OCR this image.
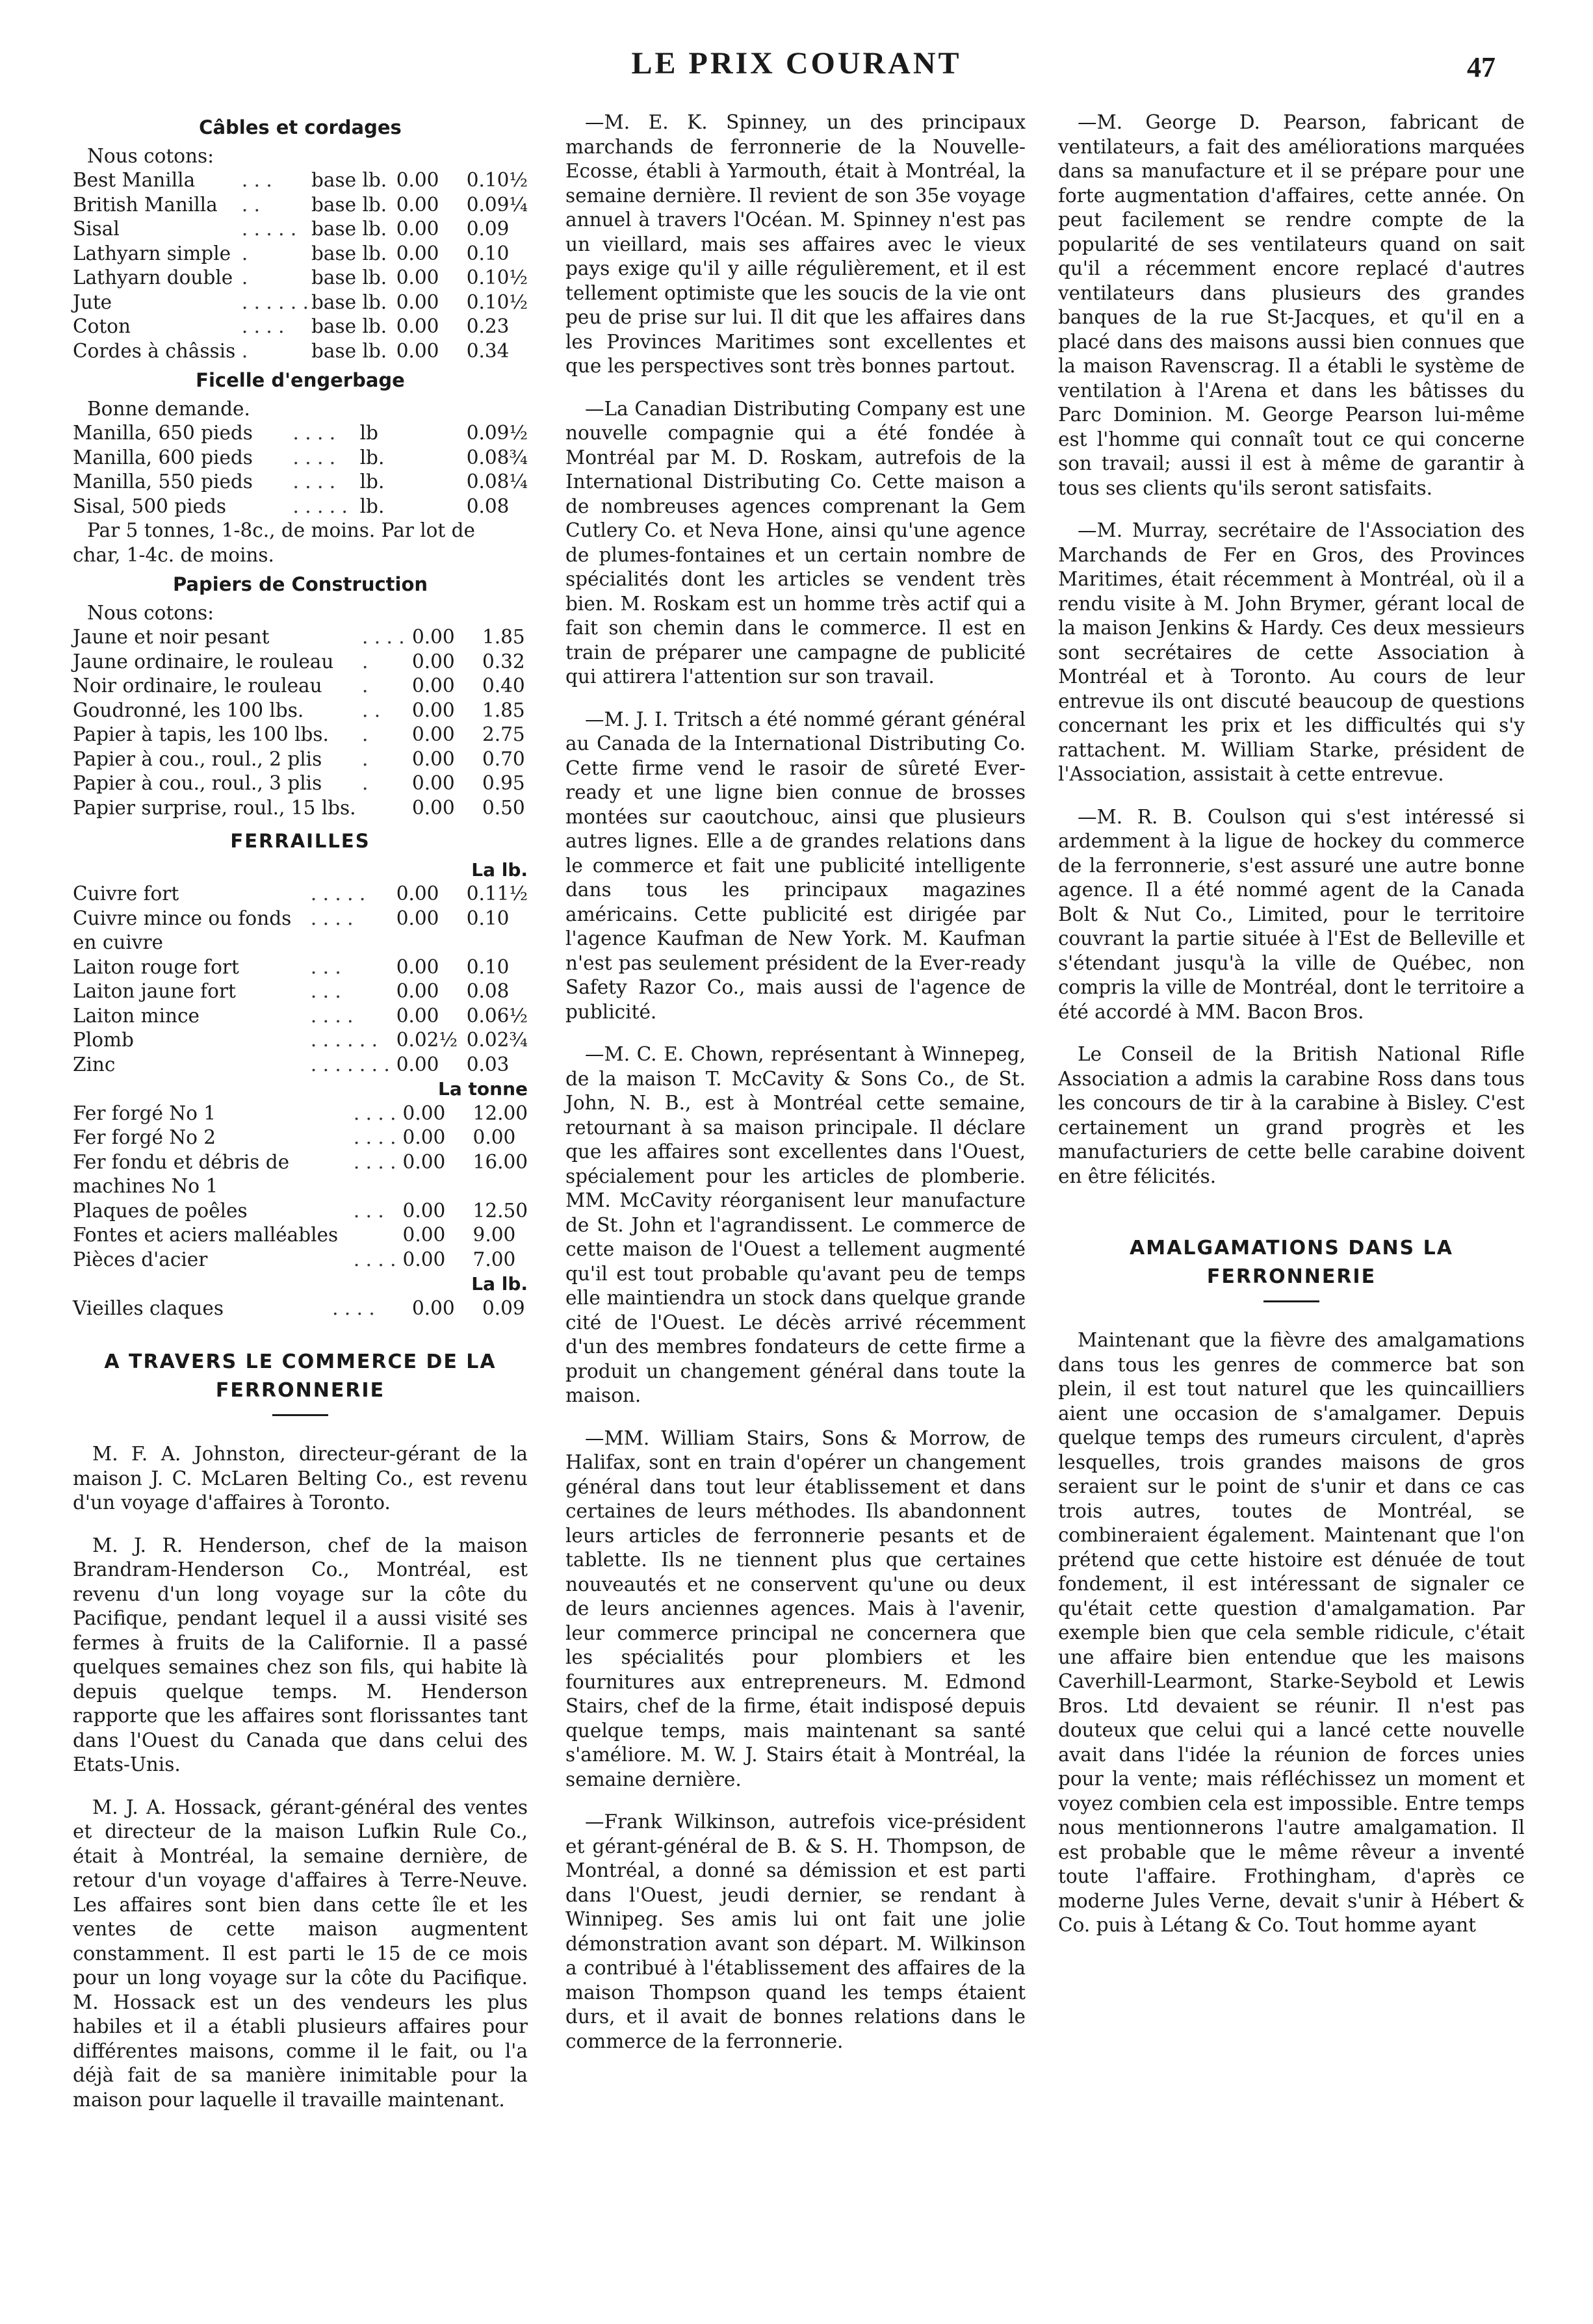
LE PRIX COURANT	47
Câbles et cordages

Nous cotons:

Best Manilla	. . .	base lb.	0.00	0.10½
British Manilla	. .	base lb.	0.00	0.09¼
Sisal	. . . . .	base lb.	0.00	0.09
Lathyarn simple	.	base lb.	0.00	0.10
Lathyarn double	.	base lb.	0.00	0.10½
Jute	. . . . . .	base lb.	0.00	0.10½
Coton	. . . .	base lb.	0.00	0.23
Cordes à châssis	.	base lb.	0.00	0.34
Ficelle d'engerbage

Bonne demande.

Manilla, 650 pieds	. . . .	lb		0.09½
Manilla, 600 pieds	. . . .	lb.		0.08¾
Manilla, 550 pieds	. . . .	lb.		0.08¼
Sisal, 500 pieds	. . . . .	lb.		0.08

Par 5 tonnes, 1-8c., de moins. Par lot de char, 1-4c. de moins.

Papiers de Construction

Nous cotons:

Jaune et noir pesant	. . . .		0.00	1.85
Jaune ordinaire, le rouleau	.		0.00	0.32
Noir ordinaire, le rouleau	.		0.00	0.40
Goudronné, les 100 lbs.	. .		0.00	1.85
Papier à tapis, les 100 lbs.	.		0.00	2.75
Papier à cou., roul., 2 plis	.		0.00	0.70
Papier à cou., roul., 3 plis	.		0.00	0.95
Papier surprise, roul., 15 lbs.			0.00	0.50
FERRAILLES
La lb.
Cuivre fort	. . . . .		0.00	0.11½
Cuivre mince ou fonds en cuivre	. . . .		0.00	0.10
Laiton rouge fort	. . .		0.00	0.10
Laiton jaune fort	. . .		0.00	0.08
Laiton mince	. . . .		0.00	0.06½
Plomb	. . . . . .		0.02½	0.02¾
Zinc	. . . . . . .		0.00	0.03
La tonne
Fer forgé No 1	. . . .		0.00	12.00
Fer forgé No 2	. . . .		0.00	0.00
Fer fondu et débris de machines No 1	. . . .		0.00	16.00
Plaques de poêles	. . .		0.00	12.50
Fontes et aciers malléables			0.00	9.00
Pièces d'acier	. . . .		0.00	7.00
La lb.
Vieilles claques	. . . .		0.00	0.09
A TRAVERS LE COMMERCE DE LA FERRONNERIE

M. F. A. Johnston, directeur-gérant de la maison J. C. McLaren Belting Co., est revenu d'un voyage d'affaires à Toronto.

M. J. R. Henderson, chef de la maison Brandram-Henderson Co., Montréal, est revenu d'un long voyage sur la côte du Pacifique, pendant lequel il a aussi visité ses fermes à fruits de la Californie. Il a passé quelques semaines chez son fils, qui habite là depuis quelque temps. M. Henderson rapporte que les affaires sont florissantes tant dans l'Ouest du Canada que dans celui des Etats-Unis.

M. J. A. Hossack, gérant-général des ventes et directeur de la maison Lufkin Rule Co., était à Montréal, la semaine dernière, de retour d'un voyage d'affaires à Terre-Neuve. Les affaires sont bien dans cette île et les ventes de cette maison augmentent constamment. Il est parti le 15 de ce mois pour un long voyage sur la côte du Pacifique. M. Hossack est un des vendeurs les plus habiles et il a établi plusieurs affaires pour différentes maisons, comme il le fait, ou l'a déjà fait de sa manière inimitable pour la maison pour laquelle il travaille maintenant.

—M. E. K. Spinney, un des principaux marchands de ferronnerie de la Nouvelle-Ecosse, établi à Yarmouth, était à Montréal, la semaine dernière. Il revient de son 35e voyage annuel à travers l'Océan. M. Spinney n'est pas un vieillard, mais ses affaires avec le vieux pays exige qu'il y aille régulièrement, et il est tellement optimiste que les soucis de la vie ont peu de prise sur lui. Il dit que les affaires dans les Provinces Maritimes sont excellentes et que les perspectives sont très bonnes partout.

—La Canadian Distributing Company est une nouvelle compagnie qui a été fondée à Montréal par M. D. Roskam, autrefois de la International Distributing Co. Cette maison a de nombreuses agences comprenant la Gem Cutlery Co. et Neva Hone, ainsi qu'une agence de plumes-fontaines et un certain nombre de spécialités dont les articles se vendent très bien. M. Roskam est un homme très actif qui a fait son chemin dans le commerce. Il est en train de préparer une campagne de publicité qui attirera l'attention sur son travail.

—M. J. I. Tritsch a été nommé gérant général au Canada de la International Distributing Co. Cette firme vend le rasoir de sûreté Ever-ready et une ligne bien connue de brosses montées sur caoutchouc, ainsi que plusieurs autres lignes. Elle a de grandes relations dans le commerce et fait une publicité intelligente dans tous les principaux magazines américains. Cette publicité est dirigée par l'agence Kaufman de New York. M. Kaufman n'est pas seulement président de la Ever-ready Safety Razor Co., mais aussi de l'agence de publicité.

—M. C. E. Chown, représentant à Winnepeg, de la maison T. McCavity & Sons Co., de St. John, N. B., est à Montréal cette semaine, retournant à sa maison principale. Il déclare que les affaires sont excellentes dans l'Ouest, spécialement pour les articles de plomberie. MM. McCavity réorganisent leur manufacture de St. John et l'agrandissent. Le commerce de cette maison de l'Ouest a tellement augmenté qu'il est tout probable qu'avant peu de temps elle maintiendra un stock dans quelque grande cité de l'Ouest. Le décès arrivé récemment d'un des membres fondateurs de cette firme a produit un changement général dans toute la maison.

—MM. William Stairs, Sons & Morrow, de Halifax, sont en train d'opérer un changement général dans tout leur établissement et dans certaines de leurs méthodes. Ils abandonnent leurs articles de ferronnerie pesants et de tablette. Ils ne tiennent plus que certaines nouveautés et ne conservent qu'une ou deux de leurs anciennes agences. Mais à l'avenir, leur commerce principal ne concernera que les spécialités pour plombiers et les fournitures aux entrepreneurs. M. Edmond Stairs, chef de la firme, était indisposé depuis quelque temps, mais maintenant sa santé s'améliore. M. W. J. Stairs était à Montréal, la semaine dernière.

—Frank Wilkinson, autrefois vice-président et gérant-général de B. & S. H. Thompson, de Montréal, a donné sa démission et est parti dans l'Ouest, jeudi dernier, se rendant à Winnipeg. Ses amis lui ont fait une jolie démonstration avant son départ. M. Wilkinson a contribué à l'établissement des affaires de la maison Thompson quand les temps étaient durs, et il avait de bonnes relations dans le commerce de la ferronnerie.

—M. George D. Pearson, fabricant de ventilateurs, a fait des améliorations marquées dans sa manufacture et il se prépare pour une forte augmentation d'affaires, cette année. On peut facilement se rendre compte de la popularité de ses ventilateurs quand on sait qu'il a récemment encore replacé d'autres ventilateurs dans plusieurs des grandes banques de la rue St-Jacques, et qu'il en a placé dans des maisons aussi bien connues que la maison Ravenscrag. Il a établi le système de ventilation à l'Arena et dans les bâtisses du Parc Dominion. M. George Pearson lui-même est l'homme qui connaît tout ce qui concerne son travail; aussi il est à même de garantir à tous ses clients qu'ils seront satisfaits.

—M. Murray, secrétaire de l'Association des Marchands de Fer en Gros, des Provinces Maritimes, était récemment à Montréal, où il a rendu visite à M. John Brymer, gérant local de la maison Jenkins & Hardy. Ces deux messieurs sont secrétaires de cette Association à Montréal et à Toronto. Au cours de leur entrevue ils ont discuté beaucoup de questions concernant les prix et les difficultés qui s'y rattachent. M. William Starke, président de l'Association, assistait à cette entrevue.

—M. R. B. Coulson qui s'est intéressé si ardemment à la ligue de hockey du commerce de la ferronnerie, s'est assuré une autre bonne agence. Il a été nommé agent de la Canada Bolt & Nut Co., Limited, pour le territoire couvrant la partie située à l'Est de Belleville et s'étendant jusqu'à la ville de Québec, non compris la ville de Montréal, dont le territoire a été accordé à MM. Bacon Bros.

Le Conseil de la British National Rifle Association a admis la carabine Ross dans tous les concours de tir à la carabine à Bisley. C'est certainement un grand progrès et les manufacturiers de cette belle carabine doivent en être félicités.

AMALGAMATIONS DANS LA FERRONNERIE

Maintenant que la fièvre des amalgamations dans tous les genres de commerce bat son plein, il est tout naturel que les quincailliers aient une occasion de s'amalgamer. Depuis quelque temps des rumeurs circulent, d'après lesquelles, trois grandes maisons de gros seraient sur le point de s'unir et dans ce cas trois autres, toutes de Montréal, se combineraient également. Maintenant que l'on prétend que cette histoire est dénuée de tout fondement, il est intéressant de signaler ce qu'était cette question d'amalgamation. Par exemple bien que cela semble ridicule, c'était une affaire bien entendue que les maisons Caverhill-Learmont, Starke-Seybold et Lewis Bros. Ltd devaient se réunir. Il n'est pas douteux que celui qui a lancé cette nouvelle avait dans l'idée la réunion de forces unies pour la vente; mais réfléchissez un moment et voyez combien cela est impossible. Entre temps nous mentionnerons l'autre amalgamation. Il est probable que le même rêveur a inventé toute l'affaire. Frothingham, d'après ce moderne Jules Verne, devait s'unir à Hébert & Co. puis à Létang & Co. Tout homme ayant
